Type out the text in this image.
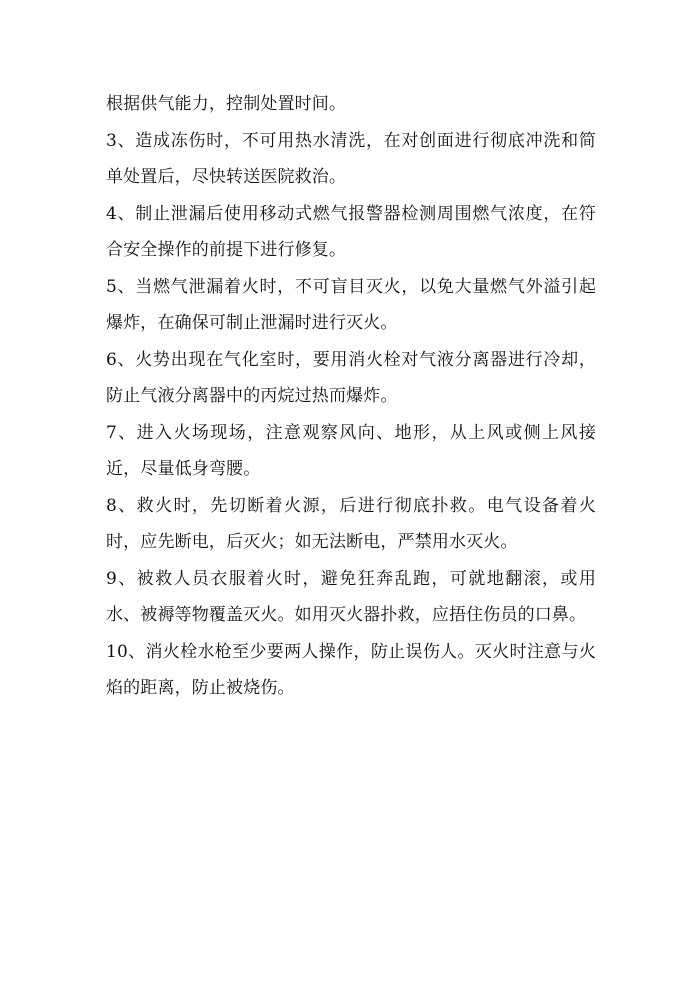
根据供气能力，控制处置时间。

3、造成冻伤时，不可用热水清洗，在对创面进行彻底冲洗和简单处置后，尽快转送医院救治。

4、制止泄漏后使用移动式燃气报警器检测周围燃气浓度，在符合安全操作的前提下进行修复。

5、当燃气泄漏着火时，不可盲目灭火，以免大量燃气外溢引起爆炸，在确保可制止泄漏时进行灭火。

6、火势出现在气化室时，要用消火栓对气液分离器进行冷却，防止气液分离器中的丙烷过热而爆炸。

7、进入火场现场，注意观察风向、地形，从上风或侧上风接近，尽量低身弯腰。

8、救火时，先切断着火源，后进行彻底扑救。电气设备着火时，应先断电，后灭火；如无法断电，严禁用水灭火。

9、被救人员衣服着火时，避免狂奔乱跑，可就地翻滚，或用水、被褥等物覆盖灭火。如用灭火器扑救，应捂住伤员的口鼻。

10、消火栓水枪至少要两人操作，防止误伤人。灭火时注意与火焰的距离，防止被烧伤。
